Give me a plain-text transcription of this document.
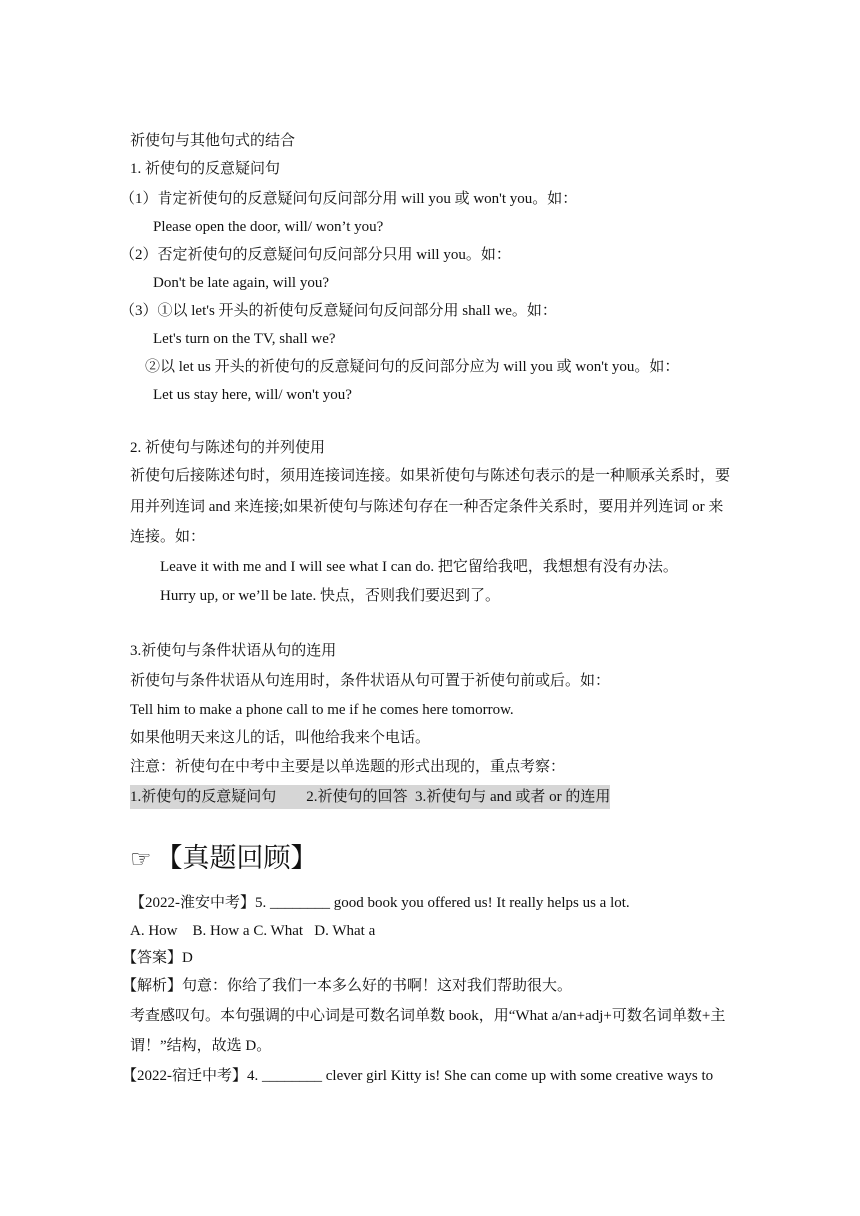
祈使句与其他句式的结合
1. 祈使句的反意疑问句
（1）肯定祈使句的反意疑问句反问部分用 will you 或 won't you。如：
Please open the door, will/ won’t you?
（2）否定祈使句的反意疑问句反问部分只用 will you。如：
Don't be late again, will you?
（3）①以 let's 开头的祈使句反意疑问句反问部分用 shall we。如：
Let's turn on the TV, shall we?
②以 let us 开头的祈使句的反意疑问句的反问部分应为 will you 或 won't you。如：
Let us stay here, will/ won't you?
2. 祈使句与陈述句的并列使用
祈使句后接陈述句时，须用连接词连接。如果祈使句与陈述句表示的是一种顺承关系时，要
用并列连词 and 来连接;如果祈使句与陈述句存在一种否定条件关系时，要用并列连词 or 来
连接。如：
Leave it with me and I will see what I can do. 把它留给我吧，我想想有没有办法。
Hurry up, or we’ll be late. 快点，否则我们要迟到了。
3.祈使句与条件状语从句的连用
祈使句与条件状语从句连用时，条件状语从句可置于祈使句前或后。如：
Tell him to make a phone call to me if he comes here tomorrow.
如果他明天来这儿的话，叫他给我来个电话。
注意：祈使句在中考中主要是以单选题的形式出现的，重点考察：
1.祈使句的反意疑问句        2.祈使句的回答  3.祈使句与 and 或者 or 的连用
☞ 【真题回顾】
【2022-淮安中考】5. ________ good book you offered us! It really helps us a lot.
A. How    B. How a C. What   D. What a
【答案】D
【解析】句意：你给了我们一本多么好的书啊！这对我们帮助很大。
考查感叹句。本句强调的中心词是可数名词单数 book，用“What a/an+adj+可数名词单数+主
谓！”结构，故选 D。
【2022-宿迁中考】4. ________ clever girl Kitty is! She can come up with some creative ways to
